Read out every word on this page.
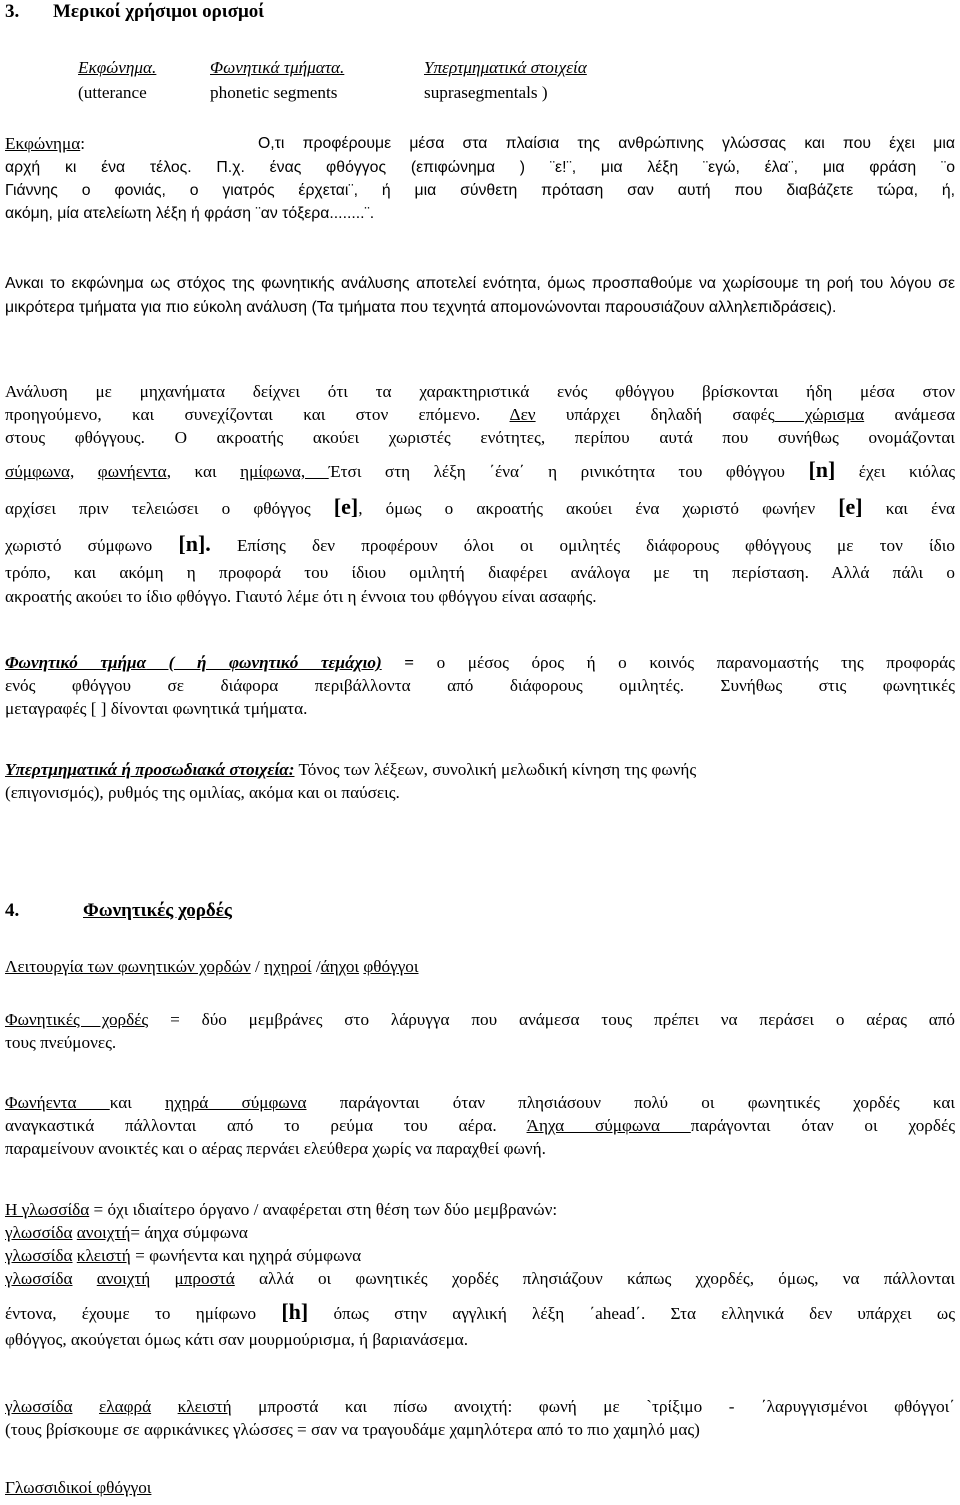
3. Μερικοί χρήσιμοι ορισμοί
Εκφώνημα.	Φωνητικά τμήματα.	Υπερτμηματικά στοιχεία
(utterance	phonetic segments	suprasegmentals )
Εκφώνημα:	Ο,τι προφέρουμε μέσα στα πλαίσια της ανθρώπινης γλώσσας και που έχει μια
αρχή κι ένα τέλος. Π.χ. ένας φθόγγος (επιφώνημα ) ¨ε!¨, μια λέξη ¨εγώ, έλα¨, μια φράση ¨ο
Γιάννης ο φονιάς, ο γιατρός έρχεται¨, ή μια σύνθετη πρόταση σαν αυτή που διαβάζετε τώρα, ή,
ακόμη, μία ατελείωτη λέξη ή φράση ¨αν τόξερα........¨.

Ανκαι το εκφώνημα ως στόχος της φωνητικής ανάλυσης αποτελεί ενότητα, όμως προσπαθούμε να χωρίσουμε τη ροή του λόγου σε μικρότερα τμήματα για πιο εύκολη ανάλυση (Τα τμήματα που τεχνητά απομονώνονται παρουσιάζουν αλληλεπιδράσεις).

Ανάλυση με μηχανήματα δείχνει ότι τα χαρακτηριστικά ενός φθόγγου βρίσκονται ήδη μέσα στον
προηγούμενο, και συνεχίζονται και στον επόμενο. Δεν υπάρχει δηλαδή σαφές χώρισμα ανάμεσα
στους φθόγγους. Ο ακροατής ακούει χωριστές ενότητες, περίπου αυτά που συνήθως ονομάζονται
σύμφωνα, φωνήεντα, και ημίφωνα, Έτσι στη λέξη ΄ένα΄ η ρινικότητα του φθόγγου [n] έχει κιόλας
αρχίσει πριν τελειώσει ο φθόγγος [e], όμως ο ακροατής ακούει ένα χωριστό φωνήεν [e] και ένα
χωριστό σύμφωνο [n]. Επίσης δεν προφέρουν όλοι οι ομιλητές διάφορους φθόγγους με τον ίδιο
τρόπο, και ακόμη η προφορά του ίδιου ομιλητή διαφέρει ανάλογα με τη περίσταση. Αλλά πάλι ο
ακροατής ακούει το ίδιο φθόγγο. Γιαυτό λέμε ότι η έννοια του φθόγγου είναι ασαφής.
Φωνητικό τμήμα ( ή φωνητικό τεμάχιο) = ο μέσος όρος ή ο κοινός παρανομαστής της προφοράς
ενός φθόγγου σε διάφορα περιβάλλοντα από διάφορους ομιλητές. Συνήθως στις φωνητικές
μεταγραφές [ ] δίνονται φωνητικά τμήματα.
Υπερτμηματικά ή προσωδιακά στοιχεία: Τόνος των λέξεων, συνολική μελωδική κίνηση της φωνής
(επιγονισμός), ρυθμός της ομιλίας, ακόμα και οι παύσεις.
4.	Φωνητικές χορδές
Λειτουργία των φωνητικών χορδών / ηχηροί /άηχοι φθόγγοι
Φωνητικές χορδές = δύο μεμβράνες στο λάρυγγα που ανάμεσα τους πρέπει να περάσει ο αέρας από
τους πνεύμονες.
Φωνήεντα και ηχηρά σύμφωνα παράγονται όταν πλησιάσουν πολύ οι φωνητικές χορδές και
αναγκαστικά πάλλονται από το ρεύμα του αέρα. Άηχα σύμφωνα παράγονται όταν οι χορδές
παραμείνουν ανοικτές και ο αέρας περνάει ελεύθερα χωρίς να παραχθεί φωνή.
Η γλωσσίδα = όχι ιδιαίτερο όργανο / αναφέρεται στη θέση των δύο μεμβρανών:
γλωσσίδα ανοιχτή= άηχα σύμφωνα
γλωσσίδα κλειστή = φωνήεντα και ηχηρά σύμφωνα
γλωσσίδα ανοιχτή μπροστά αλλά οι φωνητικές χορδές πλησιάζουν κάπως χχορδές, όμως, να πάλλονται
έντονα, έχουμε το ημίφωνο [h] όπως στην αγγλική λέξη ΄ahead΄. Στα ελληνικά δεν υπάρχει ως
φθόγγος, ακούγεται όμως κάτι σαν μουρμούρισμα, ή βαριανάσεμα.
γλωσσίδα ελαφρά κλειστή μπροστά και πίσω ανοιχτή: φωνή με `τρίξιμο - ΄λαρυγγισμένοι φθόγγοι΄
(τους βρίσκουμε σε αφρικάνικες γλώσσες = σαν να τραγουδάμε χαμηλότερα από το πιο χαμηλό μας)
Γλωσσιδικοί φθόγγοι
